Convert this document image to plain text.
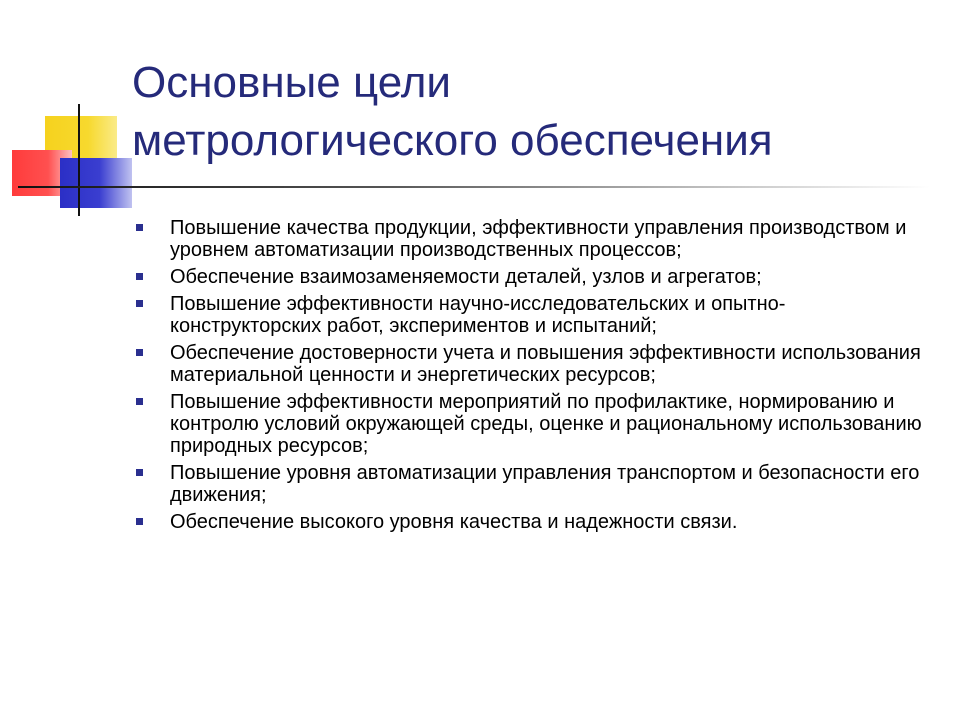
Основные цели
метрологического обеспечения
Повышение качества продукции, эффективности управления производством и уровнем автоматизации производственных процессов;
Обеспечение взаимозаменяемости деталей, узлов и агрегатов;
Повышение эффективности научно-исследовательских и опытно-конструкторских работ, экспериментов и испытаний;
Обеспечение достоверности учета и повышения эффективности использования материальной ценности и энергетических ресурсов;
Повышение эффективности мероприятий по профилактике, нормированию и контролю условий окружающей среды, оценке и рациональному использованию природных ресурсов;
Повышение уровня автоматизации управления транспортом и безопасности его движения;
Обеспечение высокого уровня качества и надежности связи.
